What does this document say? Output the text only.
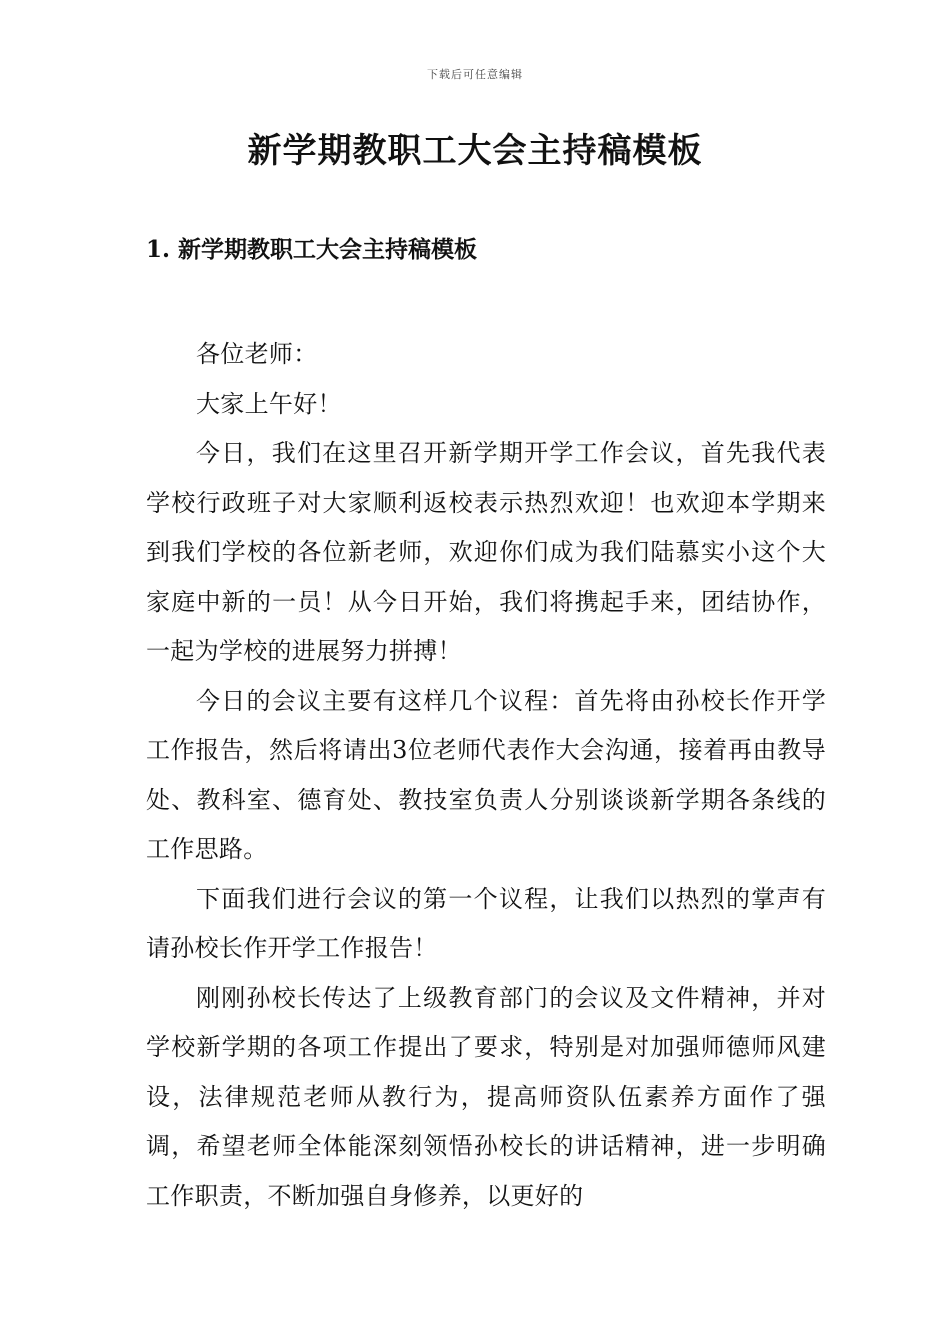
下载后可任意编辑
新学期教职工大会主持稿模板
1. 新学期教职工大会主持稿模板

各位老师：

大家上午好！

今日，我们在这里召开新学期开学工作会议，首先我代表学校行政班子对大家顺利返校表示热烈欢迎！也欢迎本学期来到我们学校的各位新老师，欢迎你们成为我们陆慕实小这个大家庭中新的一员！从今日开始，我们将携起手来，团结协作，一起为学校的进展努力拼搏！

今日的会议主要有这样几个议程：首先将由孙校长作开学工作报告，然后将请出3位老师代表作大会沟通，接着再由教导处、教科室、德育处、教技室负责人分别谈谈新学期各条线的工作思路。

下面我们进行会议的第一个议程，让我们以热烈的掌声有请孙校长作开学工作报告！

刚刚孙校长传达了上级教育部门的会议及文件精神，并对学校新学期的各项工作提出了要求，特别是对加强师德师风建设，法律规范老师从教行为，提高师资队伍素养方面作了强调，希望老师全体能深刻领悟孙校长的讲话精神，进一步明确工作职责，不断加强自身修养，以更好的
